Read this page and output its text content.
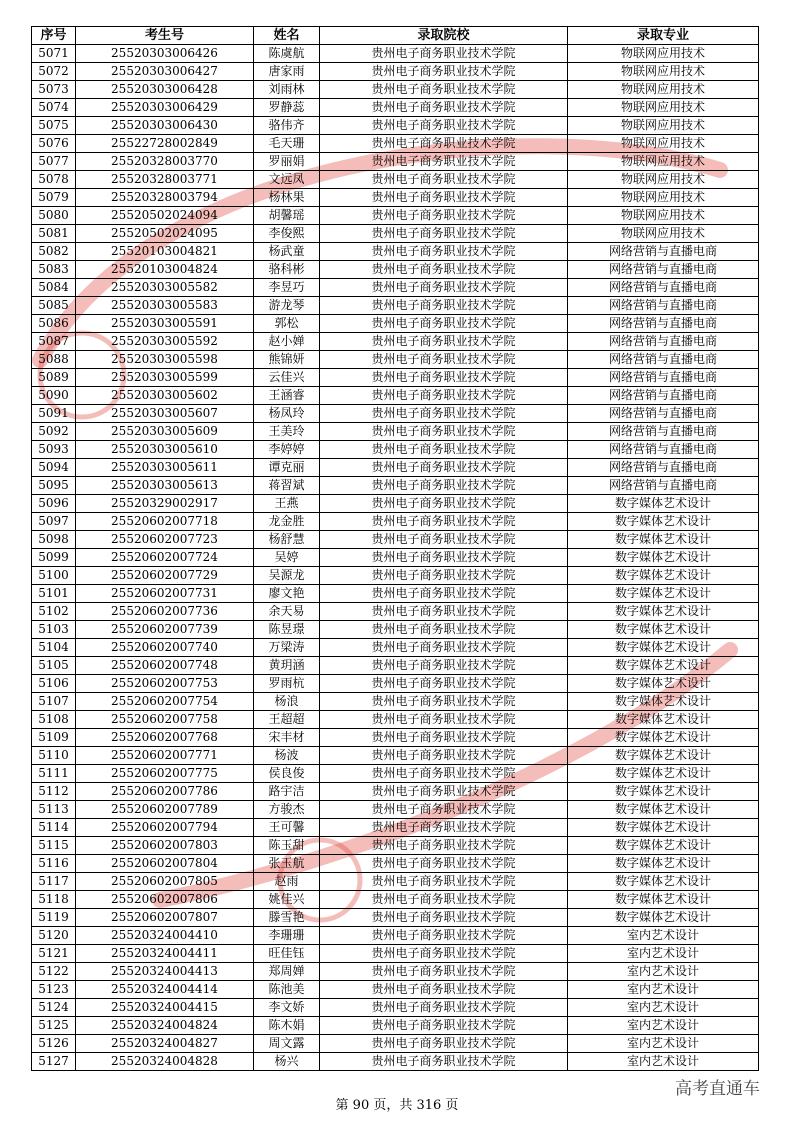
序号	考生号	姓名	录取院校	录取专业
5071	25520303006426	陈虞航	贵州电子商务职业技术学院	物联网应用技术
5072	25520303006427	唐家雨	贵州电子商务职业技术学院	物联网应用技术
5073	25520303006428	刘雨林	贵州电子商务职业技术学院	物联网应用技术
5074	25520303006429	罗静蕊	贵州电子商务职业技术学院	物联网应用技术
5075	25520303006430	骆伟齐	贵州电子商务职业技术学院	物联网应用技术
5076	25522728002849	毛天珊	贵州电子商务职业技术学院	物联网应用技术
5077	25520328003770	罗丽娟	贵州电子商务职业技术学院	物联网应用技术
5078	25520328003771	文远凤	贵州电子商务职业技术学院	物联网应用技术
5079	25520328003794	杨林果	贵州电子商务职业技术学院	物联网应用技术
5080	25520502024094	胡馨瑶	贵州电子商务职业技术学院	物联网应用技术
5081	25520502024095	李俊熙	贵州电子商务职业技术学院	物联网应用技术
5082	25520103004821	杨武童	贵州电子商务职业技术学院	网络营销与直播电商
5083	25520103004824	骆科彬	贵州电子商务职业技术学院	网络营销与直播电商
5084	25520303005582	李昱巧	贵州电子商务职业技术学院	网络营销与直播电商
5085	25520303005583	游龙琴	贵州电子商务职业技术学院	网络营销与直播电商
5086	25520303005591	郭松	贵州电子商务职业技术学院	网络营销与直播电商
5087	25520303005592	赵小婵	贵州电子商务职业技术学院	网络营销与直播电商
5088	25520303005598	熊锦妍	贵州电子商务职业技术学院	网络营销与直播电商
5089	25520303005599	云佳兴	贵州电子商务职业技术学院	网络营销与直播电商
5090	25520303005602	王涵睿	贵州电子商务职业技术学院	网络营销与直播电商
5091	25520303005607	杨凤玲	贵州电子商务职业技术学院	网络营销与直播电商
5092	25520303005609	王美玲	贵州电子商务职业技术学院	网络营销与直播电商
5093	25520303005610	李婷婷	贵州电子商务职业技术学院	网络营销与直播电商
5094	25520303005611	谭克丽	贵州电子商务职业技术学院	网络营销与直播电商
5095	25520303005613	蒋習斌	贵州电子商务职业技术学院	网络营销与直播电商
5096	25520329002917	王燕	贵州电子商务职业技术学院	数字媒体艺术设计
5097	25520602007718	龙金胜	贵州电子商务职业技术学院	数字媒体艺术设计
5098	25520602007723	杨舒慧	贵州电子商务职业技术学院	数字媒体艺术设计
5099	25520602007724	吴婷	贵州电子商务职业技术学院	数字媒体艺术设计
5100	25520602007729	吴源龙	贵州电子商务职业技术学院	数字媒体艺术设计
5101	25520602007731	廖文艳	贵州电子商务职业技术学院	数字媒体艺术设计
5102	25520602007736	余天易	贵州电子商务职业技术学院	数字媒体艺术设计
5103	25520602007739	陈昱璟	贵州电子商务职业技术学院	数字媒体艺术设计
5104	25520602007740	万梁涛	贵州电子商务职业技术学院	数字媒体艺术设计
5105	25520602007748	黄玥涵	贵州电子商务职业技术学院	数字媒体艺术设计
5106	25520602007753	罗雨杭	贵州电子商务职业技术学院	数字媒体艺术设计
5107	25520602007754	杨浪	贵州电子商务职业技术学院	数字媒体艺术设计
5108	25520602007758	王超超	贵州电子商务职业技术学院	数字媒体艺术设计
5109	25520602007768	宋丰材	贵州电子商务职业技术学院	数字媒体艺术设计
5110	25520602007771	杨波	贵州电子商务职业技术学院	数字媒体艺术设计
5111	25520602007775	侯良俊	贵州电子商务职业技术学院	数字媒体艺术设计
5112	25520602007786	路宇洁	贵州电子商务职业技术学院	数字媒体艺术设计
5113	25520602007789	方骏杰	贵州电子商务职业技术学院	数字媒体艺术设计
5114	25520602007794	王可馨	贵州电子商务职业技术学院	数字媒体艺术设计
5115	25520602007803	陈玉甜	贵州电子商务职业技术学院	数字媒体艺术设计
5116	25520602007804	张玉航	贵州电子商务职业技术学院	数字媒体艺术设计
5117	25520602007805	赵雨	贵州电子商务职业技术学院	数字媒体艺术设计
5118	25520602007806	姚佳兴	贵州电子商务职业技术学院	数字媒体艺术设计
5119	25520602007807	滕雪艳	贵州电子商务职业技术学院	数字媒体艺术设计
5120	25520324004410	李珊珊	贵州电子商务职业技术学院	室内艺术设计
5121	25520324004411	旺佳钰	贵州电子商务职业技术学院	室内艺术设计
5122	25520324004413	郑周婵	贵州电子商务职业技术学院	室内艺术设计
5123	25520324004414	陈池美	贵州电子商务职业技术学院	室内艺术设计
5124	25520324004415	李文娇	贵州电子商务职业技术学院	室内艺术设计
5125	25520324004824	陈木娟	贵州电子商务职业技术学院	室内艺术设计
5126	25520324004827	周文露	贵州电子商务职业技术学院	室内艺术设计
5127	25520324004828	杨兴	贵州电子商务职业技术学院	室内艺术设计
第 90 页，共 316 页
高考直通车
